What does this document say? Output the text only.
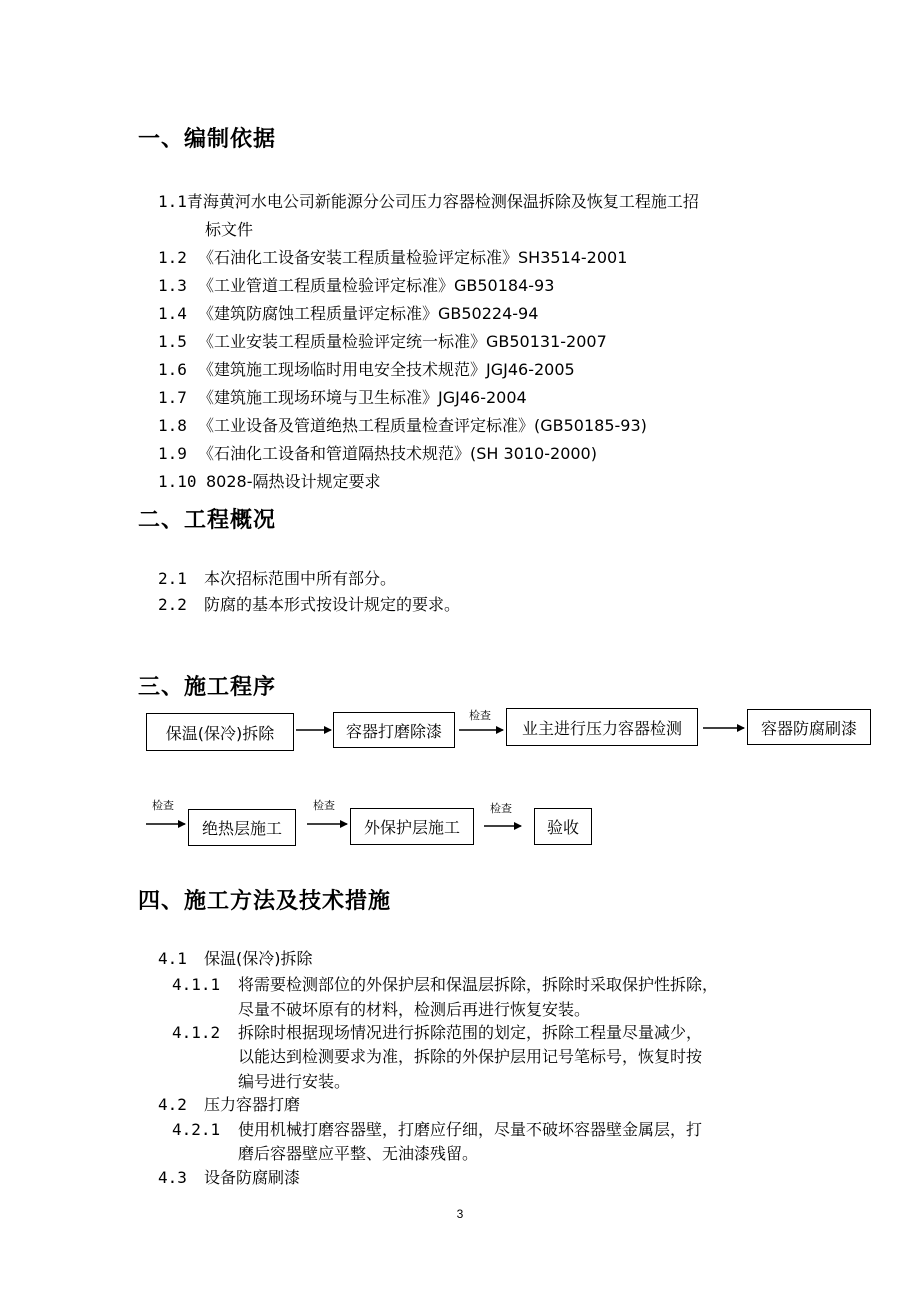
一、编制依据
1.1青海黄河水电公司新能源分公司压力容器检测保温拆除及恢复工程施工招
标文件
1.2 《石油化工设备安装工程质量检验评定标准》SH3514-2001
1.3 《工业管道工程质量检验评定标准》GB50184-93
1.4 《建筑防腐蚀工程质量评定标准》GB50224-94
1.5 《工业安装工程质量检验评定统一标准》GB50131-2007
1.6 《建筑施工现场临时用电安全技术规范》JGJ46-2005
1.7 《建筑施工现场环境与卫生标准》JGJ46-2004
1.8 《工业设备及管道绝热工程质量检查评定标准》(GB50185-93)
1.9 《石油化工设备和管道隔热技术规范》(SH 3010-2000)
1.10 8028-隔热设计规定要求
二、工程概况
2.1 本次招标范围中所有部分。
2.2 防腐的基本形式按设计规定的要求。
三、施工程序
保温(保冷)拆除	容器打磨除漆
检查
业主进行压力容器检测	容器防腐刷漆
检查
绝热层施工
检查
外保护层施工
检查
验收
四、施工方法及技术措施
4.1 保温(保冷)拆除
4.1.1 将需要检测部位的外保护层和保温层拆除，拆除时采取保护性拆除，
尽量不破坏原有的材料，检测后再进行恢复安装。
4.1.2 拆除时根据现场情况进行拆除范围的划定，拆除工程量尽量减少，
以能达到检测要求为准，拆除的外保护层用记号笔标号，恢复时按
编号进行安装。
4.2 压力容器打磨
4.2.1 使用机械打磨容器壁，打磨应仔细，尽量不破坏容器壁金属层，打
磨后容器壁应平整、无油漆残留。
4.3 设备防腐刷漆
3
